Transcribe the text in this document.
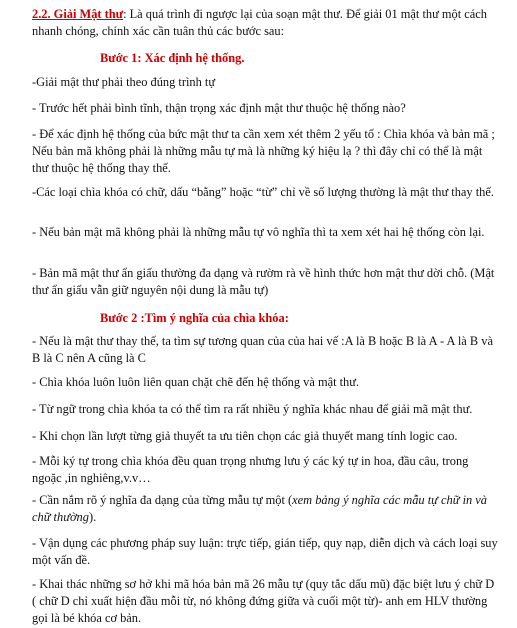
2.2. Giải Mật thư: Là quá trình đi ngược lại của soạn mật thư. Để giải 01 mật thư một cách nhanh chóng, chính xác cần tuân thủ các bước sau:

Bước 1: Xác định hệ thống.

-Giải mật thư phải theo đúng trình tự

- Trước hết phải bình tĩnh, thận trọng xác định mật thư thuộc hệ thống nào?

- Để xác định hệ thống của bức mật thư ta cần xem xét thêm 2 yếu tố : Chìa khóa và bản mã ; Nếu bản mã không phải là những mẫu tự mà là những ký hiệu lạ ? thì đây chỉ có thể là mật thư thuộc hệ thống thay thế.

-Các loại chìa khóa có chữ, dấu “bằng” hoặc “từ” chỉ về số lượng thường là mật thư thay thế.

- Nếu bản mật mã không phải là những mẫu tự vô nghĩa thì ta xem xét hai hệ thống còn lại.

- Bản mã mật thư ẩn giấu thường đa dạng và rườm rà về hình thức hơn mật thư dời chỗ. (Mật thư ẩn giấu vẫn giữ nguyên nội dung là mẫu tự)

Bước 2 :Tìm ý nghĩa của chìa khóa:

- Nếu là mật thư thay thế, ta tìm sự tương quan của của hai vế :A là B hoặc B là A - A là B và B là C nên A cũng là C

- Chìa khóa luôn luôn liên quan chặt chẽ đến hệ thống và mật thư.

- Từ ngữ trong chìa khóa ta có thể tìm ra rất nhiều ý nghĩa khác nhau để giải mã mật thư.

- Khi chọn lần lượt từng giả thuyết ta ưu tiên chọn các giả thuyết mang tính logic cao.

- Mỗi ký tự trong chìa khóa đều quan trọng nhưng lưu ý các ký tự in hoa, đầu câu, trong ngoặc ,in nghiêng,v.v…

- Cần nắm rõ ý nghĩa đa dạng của từng mẫu tự một (xem bảng ý nghĩa các mẫu tự chữ in và chữ thường).

- Vận dụng các phương pháp suy luận: trực tiếp, gián tiếp, quy nạp, diễn dịch và cách loại suy một vấn đề.

- Khai thác những sơ hở khi mã hóa bản mã 26 mẫu tự (quy tắc dấu mũ) đặc biệt lưu ý chữ D ( chữ D chỉ xuất hiện đầu mỗi từ, nó không đứng giữa và cuối một từ)- anh em HLV thường gọi là bé khóa cơ bản.
